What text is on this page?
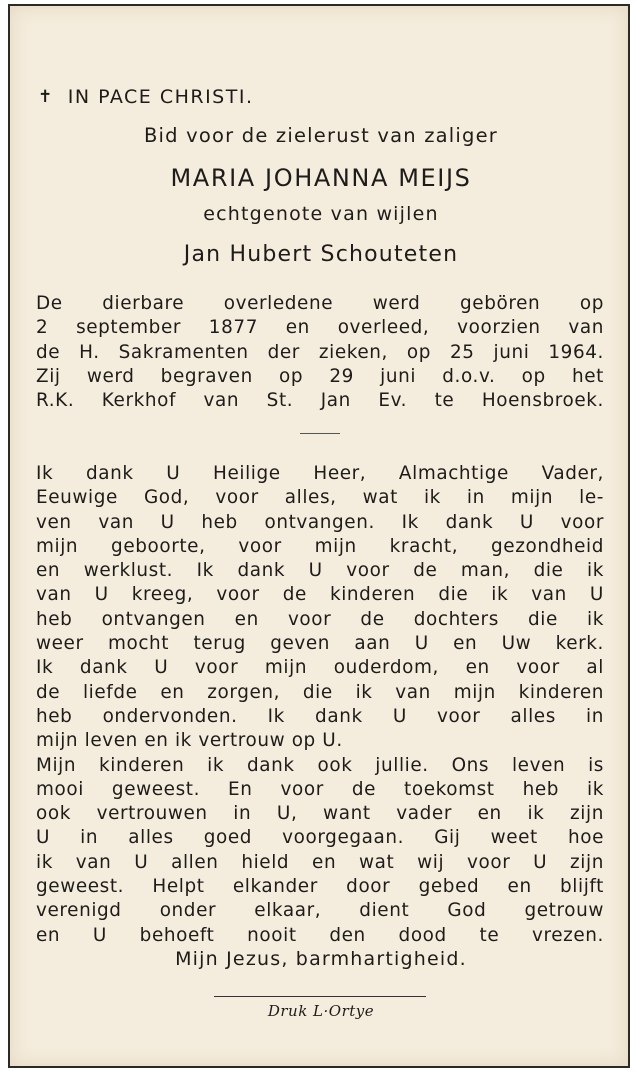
✝ IN PACE CHRISTI.
Bid voor de zielerust van zaliger
MARIA JOHANNA MEIJS
echtgenote van wijlen
Jan Hubert Schouteten
De dierbare overledene werd gebören op
2 september 1877 en overleed, voorzien van
de H. Sakramenten der zieken, op 25 juni 1964.
Zij werd begraven op 29 juni d.o.v. op het
R.K. Kerkhof van St. Jan Ev. te Hoensbroek.
Ik dank U Heilige Heer, Almachtige Vader,
Eeuwige God, voor alles, wat ik in mijn le-
ven van U heb ontvangen. Ik dank U voor
mijn geboorte, voor mijn kracht, gezondheid
en werklust. Ik dank U voor de man, die ik
van U kreeg, voor de kinderen die ik van U
heb ontvangen en voor de dochters die ik
weer mocht terug geven aan U en Uw kerk.
Ik dank U voor mijn ouderdom, en voor al
de liefde en zorgen, die ik van mijn kinderen
heb ondervonden. Ik dank U voor alles in
mijn leven en ik vertrouw op U.
Mijn kinderen ik dank ook jullie. Ons leven is
mooi geweest. En voor de toekomst heb ik
ook vertrouwen in U, want vader en ik zijn
U in alles goed voorgegaan. Gij weet hoe
ik van U allen hield en wat wij voor U zijn
geweest. Helpt elkander door gebed en blijft
verenigd onder elkaar, dient God getrouw
en U behoeft nooit den dood te vrezen.
Mijn Jezus, barmhartigheid.
Druk L·Ortye
